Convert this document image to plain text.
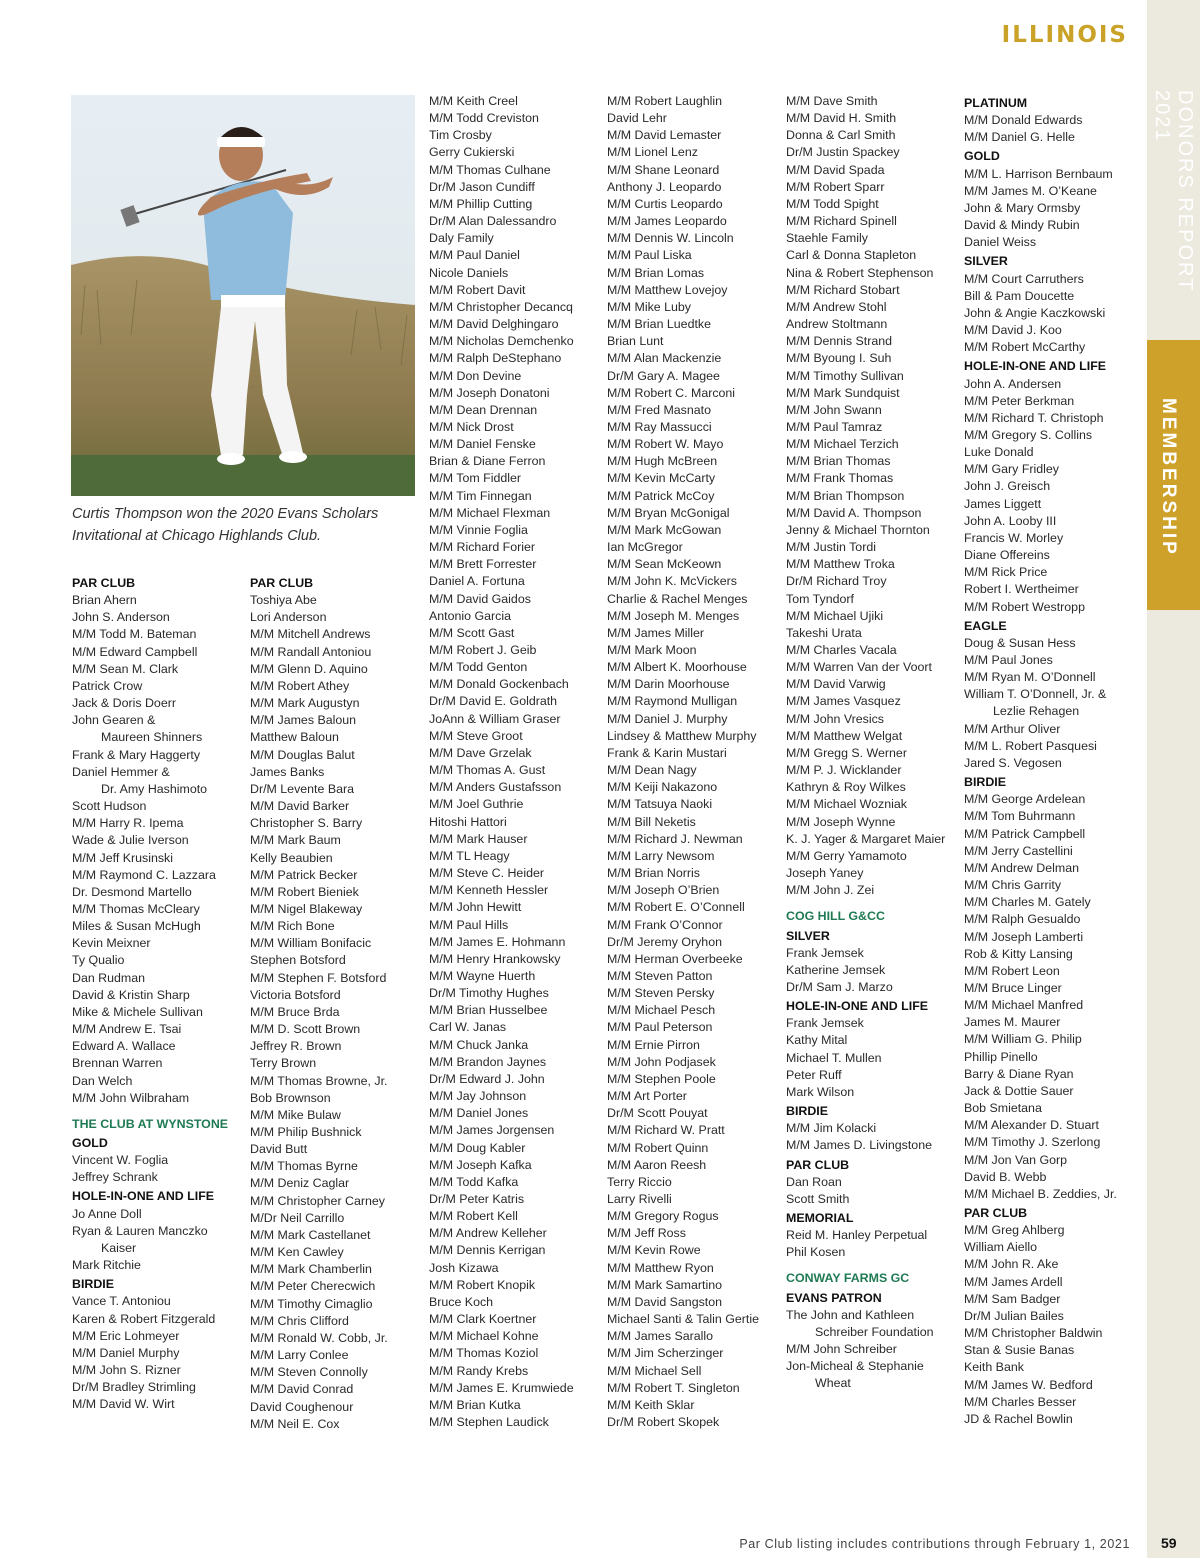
DONORS REPORT 2021
MEMBERSHIP
ILLINOIS
Curtis Thompson won the 2020 Evans Scholars Invitational at Chicago Highlands Club.
PAR CLUB
Brian Ahern
John S. Anderson
M/M Todd M. Bateman
M/M Edward Campbell
M/M Sean M. Clark
Patrick Crow
Jack & Doris Doerr
John Gearen &
Maureen Shinners
Frank & Mary Haggerty
Daniel Hemmer &
Dr. Amy Hashimoto
Scott Hudson
M/M Harry R. Ipema
Wade & Julie Iverson
M/M Jeff Krusinski
M/M Raymond C. Lazzara
Dr. Desmond Martello
M/M Thomas McCleary
Miles & Susan McHugh
Kevin Meixner
Ty Qualio
Dan Rudman
David & Kristin Sharp
Mike & Michele Sullivan
M/M Andrew E. Tsai
Edward A. Wallace
Brennan Warren
Dan Welch
M/M John Wilbraham
THE CLUB AT WYNSTONE
GOLD
Vincent W. Foglia
Jeffrey Schrank
HOLE-IN-ONE AND LIFE
Jo Anne Doll
Ryan & Lauren Manczko
Kaiser
Mark Ritchie
BIRDIE
Vance T. Antoniou
Karen & Robert Fitzgerald
M/M Eric Lohmeyer
M/M Daniel Murphy
M/M John S. Rizner
Dr/M Bradley Strimling
M/M David W. Wirt
PAR CLUB
Toshiya Abe
Lori Anderson
M/M Mitchell Andrews
M/M Randall Antoniou
M/M Glenn D. Aquino
M/M Robert Athey
M/M Mark Augustyn
M/M James Baloun
Matthew Baloun
M/M Douglas Balut
James Banks
Dr/M Levente Bara
M/M David Barker
Christopher S. Barry
M/M Mark Baum
Kelly Beaubien
M/M Patrick Becker
M/M Robert Bieniek
M/M Nigel Blakeway
M/M Rich Bone
M/M William Bonifacic
Stephen Botsford
M/M Stephen F. Botsford
Victoria Botsford
M/M Bruce Brda
M/M D. Scott Brown
Jeffrey R. Brown
Terry Brown
M/M Thomas Browne, Jr.
Bob Brownson
M/M Mike Bulaw
M/M Philip Bushnick
David Butt
M/M Thomas Byrne
M/M Deniz Caglar
M/M Christopher Carney
M/Dr Neil Carrillo
M/M Mark Castellanet
M/M Ken Cawley
M/M Mark Chamberlin
M/M Peter Cherecwich
M/M Timothy Cimaglio
M/M Chris Clifford
M/M Ronald W. Cobb, Jr.
M/M Larry Conlee
M/M Steven Connolly
M/M David Conrad
David Coughenour
M/M Neil E. Cox
M/M Keith Creel
M/M Todd Creviston
Tim Crosby
Gerry Cukierski
M/M Thomas Culhane
Dr/M Jason Cundiff
M/M Phillip Cutting
Dr/M Alan Dalessandro
Daly Family
M/M Paul Daniel
Nicole Daniels
M/M Robert Davit
M/M Christopher Decancq
M/M David Delghingaro
M/M Nicholas Demchenko
M/M Ralph DeStephano
M/M Don Devine
M/M Joseph Donatoni
M/M Dean Drennan
M/M Nick Drost
M/M Daniel Fenske
Brian & Diane Ferron
M/M Tom Fiddler
M/M Tim Finnegan
M/M Michael Flexman
M/M Vinnie Foglia
M/M Richard Forier
M/M Brett Forrester
Daniel A. Fortuna
M/M David Gaidos
Antonio Garcia
M/M Scott Gast
M/M Robert J. Geib
M/M Todd Genton
M/M Donald Gockenbach
Dr/M David E. Goldrath
JoAnn & William Graser
M/M Steve Groot
M/M Dave Grzelak
M/M Thomas A. Gust
M/M Anders Gustafsson
M/M Joel Guthrie
Hitoshi Hattori
M/M Mark Hauser
M/M TL Heagy
M/M Steve C. Heider
M/M Kenneth Hessler
M/M John Hewitt
M/M Paul Hills
M/M James E. Hohmann
M/M Henry Hrankowsky
M/M Wayne Huerth
Dr/M Timothy Hughes
M/M Brian Husselbee
Carl W. Janas
M/M Chuck Janka
M/M Brandon Jaynes
Dr/M Edward J. John
M/M Jay Johnson
M/M Daniel Jones
M/M James Jorgensen
M/M Doug Kabler
M/M Joseph Kafka
M/M Todd Kafka
Dr/M Peter Katris
M/M Robert Kell
M/M Andrew Kelleher
M/M Dennis Kerrigan
Josh Kizawa
M/M Robert Knopik
Bruce Koch
M/M Clark Koertner
M/M Michael Kohne
M/M Thomas Koziol
M/M Randy Krebs
M/M James E. Krumwiede
M/M Brian Kutka
M/M Stephen Laudick
M/M Robert Laughlin
David Lehr
M/M David Lemaster
M/M Lionel Lenz
M/M Shane Leonard
Anthony J. Leopardo
M/M Curtis Leopardo
M/M James Leopardo
M/M Dennis W. Lincoln
M/M Paul Liska
M/M Brian Lomas
M/M Matthew Lovejoy
M/M Mike Luby
M/M Brian Luedtke
Brian Lunt
M/M Alan Mackenzie
Dr/M Gary A. Magee
M/M Robert C. Marconi
M/M Fred Masnato
M/M Ray Massucci
M/M Robert W. Mayo
M/M Hugh McBreen
M/M Kevin McCarty
M/M Patrick McCoy
M/M Bryan McGonigal
M/M Mark McGowan
Ian McGregor
M/M Sean McKeown
M/M John K. McVickers
Charlie & Rachel Menges
M/M Joseph M. Menges
M/M James Miller
M/M Mark Moon
M/M Albert K. Moorhouse
M/M Darin Moorhouse
M/M Raymond Mulligan
M/M Daniel J. Murphy
Lindsey & Matthew Murphy
Frank & Karin Mustari
M/M Dean Nagy
M/M Keiji Nakazono
M/M Tatsuya Naoki
M/M Bill Neketis
M/M Richard J. Newman
M/M Larry Newsom
M/M Brian Norris
M/M Joseph O’Brien
M/M Robert E. O’Connell
M/M Frank O’Connor
Dr/M Jeremy Oryhon
M/M Herman Overbeeke
M/M Steven Patton
M/M Steven Persky
M/M Michael Pesch
M/M Paul Peterson
M/M Ernie Pirron
M/M John Podjasek
M/M Stephen Poole
M/M Art Porter
Dr/M Scott Pouyat
M/M Richard W. Pratt
M/M Robert Quinn
M/M Aaron Reesh
Terry Riccio
Larry Rivelli
M/M Gregory Rogus
M/M Jeff Ross
M/M Kevin Rowe
M/M Matthew Ryon
M/M Mark Samartino
M/M David Sangston
Michael Santi & Talin Gertie
M/M James Sarallo
M/M Jim Scherzinger
M/M Michael Sell
M/M Robert T. Singleton
M/M Keith Sklar
Dr/M Robert Skopek
M/M Dave Smith
M/M David H. Smith
Donna & Carl Smith
Dr/M Justin Spackey
M/M David Spada
M/M Robert Sparr
M/M Todd Spight
M/M Richard Spinell
Staehle Family
Carl & Donna Stapleton
Nina & Robert Stephenson
M/M Richard Stobart
M/M Andrew Stohl
Andrew Stoltmann
M/M Dennis Strand
M/M Byoung I. Suh
M/M Timothy Sullivan
M/M Mark Sundquist
M/M John Swann
M/M Paul Tamraz
M/M Michael Terzich
M/M Brian Thomas
M/M Frank Thomas
M/M Brian Thompson
M/M David A. Thompson
Jenny & Michael Thornton
M/M Justin Tordi
M/M Matthew Troka
Dr/M Richard Troy
Tom Tyndorf
M/M Michael Ujiki
Takeshi Urata
M/M Charles Vacala
M/M Warren Van der Voort
M/M David Varwig
M/M James Vasquez
M/M John Vresics
M/M Matthew Welgat
M/M Gregg S. Werner
M/M P. J. Wicklander
Kathryn & Roy Wilkes
M/M Michael Wozniak
M/M Joseph Wynne
K. J. Yager & Margaret Maier
M/M Gerry Yamamoto
Joseph Yaney
M/M John J. Zei
COG HILL G&CC
SILVER
Frank Jemsek
Katherine Jemsek
Dr/M Sam J. Marzo
HOLE-IN-ONE AND LIFE
Frank Jemsek
Kathy Mital
Michael T. Mullen
Peter Ruff
Mark Wilson
BIRDIE
M/M Jim Kolacki
M/M James D. Livingstone
PAR CLUB
Dan Roan
Scott Smith
MEMORIAL
Reid M. Hanley Perpetual
Phil Kosen
CONWAY FARMS GC
EVANS PATRON
The John and Kathleen
Schreiber Foundation
M/M John Schreiber
Jon-Micheal & Stephanie
Wheat
PLATINUM
M/M Donald Edwards
M/M Daniel G. Helle
GOLD
M/M L. Harrison Bernbaum
M/M James M. O’Keane
John & Mary Ormsby
David & Mindy Rubin
Daniel Weiss
SILVER
M/M Court Carruthers
Bill & Pam Doucette
John & Angie Kaczkowski
M/M David J. Koo
M/M Robert McCarthy
HOLE-IN-ONE AND LIFE
John A. Andersen
M/M Peter Berkman
M/M Richard T. Christoph
M/M Gregory S. Collins
Luke Donald
M/M Gary Fridley
John J. Greisch
James Liggett
John A. Looby III
Francis W. Morley
Diane Offereins
M/M Rick Price
Robert I. Wertheimer
M/M Robert Westropp
EAGLE
Doug & Susan Hess
M/M Paul Jones
M/M Ryan M. O’Donnell
William T. O’Donnell, Jr. &
Lezlie Rehagen
M/M Arthur Oliver
M/M L. Robert Pasquesi
Jared S. Vegosen
BIRDIE
M/M George Ardelean
M/M Tom Buhrmann
M/M Patrick Campbell
M/M Jerry Castellini
M/M Andrew Delman
M/M Chris Garrity
M/M Charles M. Gately
M/M Ralph Gesualdo
M/M Joseph Lamberti
Rob & Kitty Lansing
M/M Robert Leon
M/M Bruce Linger
M/M Michael Manfred
James M. Maurer
M/M William G. Philip
Phillip Pinello
Barry & Diane Ryan
Jack & Dottie Sauer
Bob Smietana
M/M Alexander D. Stuart
M/M Timothy J. Szerlong
M/M Jon Van Gorp
David B. Webb
M/M Michael B. Zeddies, Jr.
PAR CLUB
M/M Greg Ahlberg
William Aiello
M/M John R. Ake
M/M James Ardell
M/M Sam Badger
Dr/M Julian Bailes
M/M Christopher Baldwin
Stan & Susie Banas
Keith Bank
M/M James W. Bedford
M/M Charles Besser
JD & Rachel Bowlin
Par Club listing includes contributions through February 1, 2021 59
